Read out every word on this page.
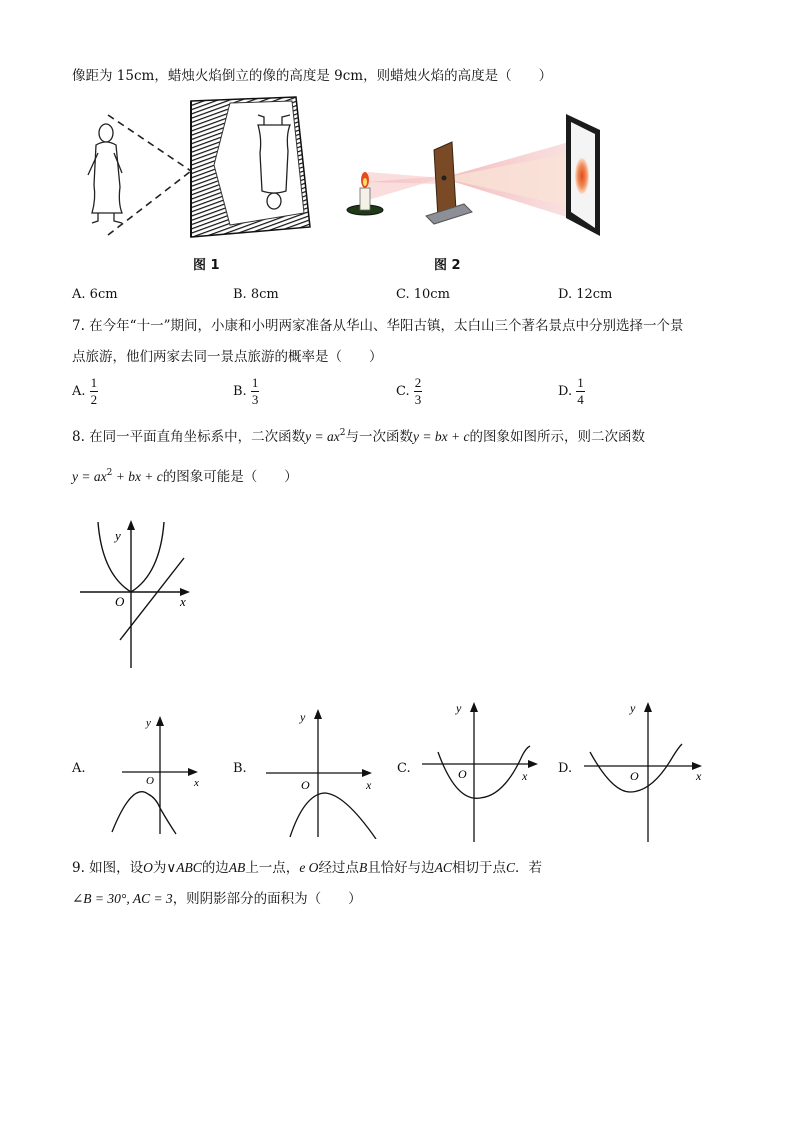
像距为 15cm，蜡烛火焰倒立的像的高度是 9cm，则蜡烛火焰的高度是（　　）
图 1	图 2
A. 6cm	B. 8cm	C. 10cm	D. 12cm
7. 在今年“十一”期间，小康和小明两家准备从华山、华阳古镇，太白山三个著名景点中分别选择一个景
点旅游，他们两家去同一景点旅游的概率是（　　）
A. $\frac{1}{2}$	B. $\frac{1}{3}$	C. $\frac{2}{3}$	D. $\frac{1}{4}$
8. 在同一平面直角坐标系中，二次函数$y = ax^2$与一次函数y = bx + c的图象如图所示，则二次函数
$y = ax^2$ + bx + c的图象可能是（　　）
y
x
O
A.
y
x
O
B.
y
x
O
C.
y
x
O	D.
y
x
O
9. 如图，设O为∨ABC的边AB上一点，e O经过点B且恰好与边AC相切于点C．若
∠B = 30°, AC = 3，则阴影部分的面积为（　　）
